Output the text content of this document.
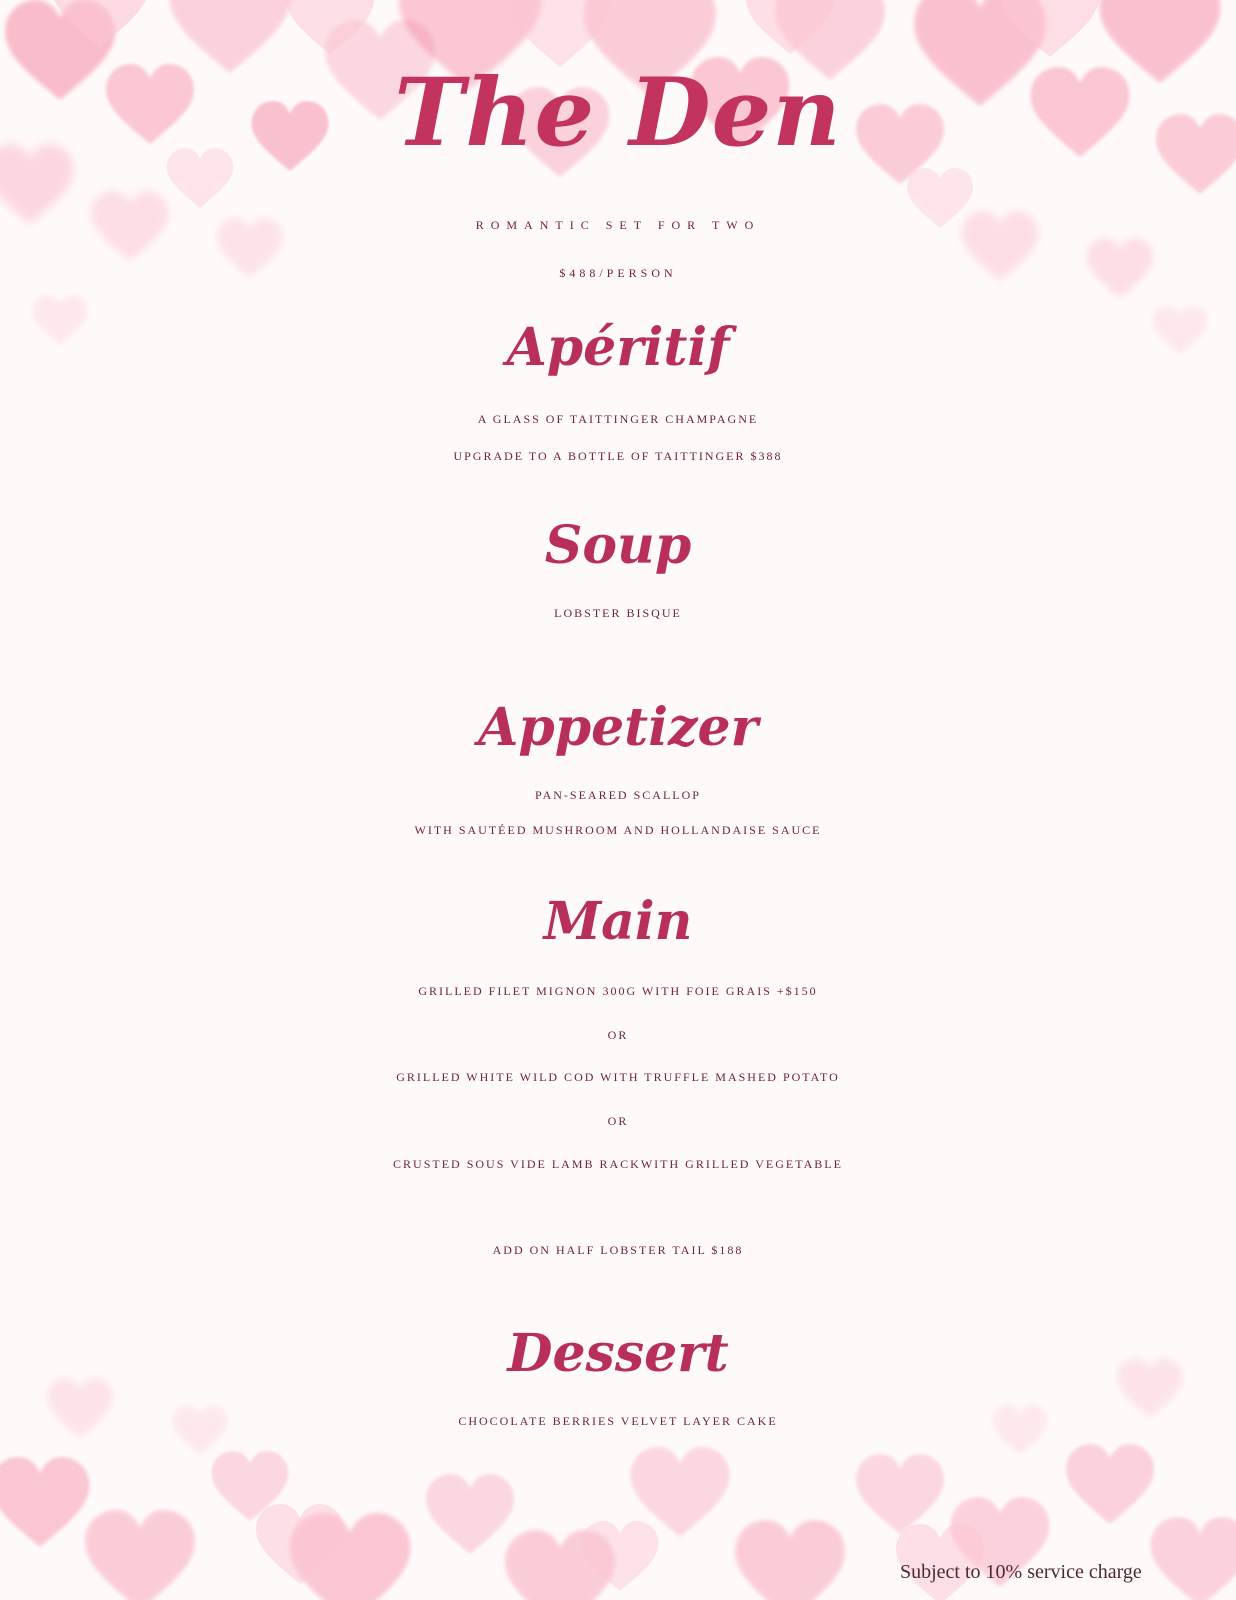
The Den

ROMANTIC SET FOR TWO

$488/PERSON

Apéritif

A GLASS OF TAITTINGER CHAMPAGNE

UPGRADE TO A BOTTLE OF TAITTINGER $388

Soup

LOBSTER BISQUE

Appetizer

PAN-SEARED SCALLOP

WITH SAUTÉED MUSHROOM AND HOLLANDAISE SAUCE

Main

GRILLED FILET MIGNON 300G WITH FOIE GRAIS +$150

OR

GRILLED WHITE WILD COD WITH TRUFFLE MASHED POTATO

OR

CRUSTED SOUS VIDE LAMB RACKWITH GRILLED VEGETABLE

ADD ON HALF LOBSTER TAIL $188

Dessert

CHOCOLATE BERRIES VELVET LAYER CAKE

Subject to 10% service charge
